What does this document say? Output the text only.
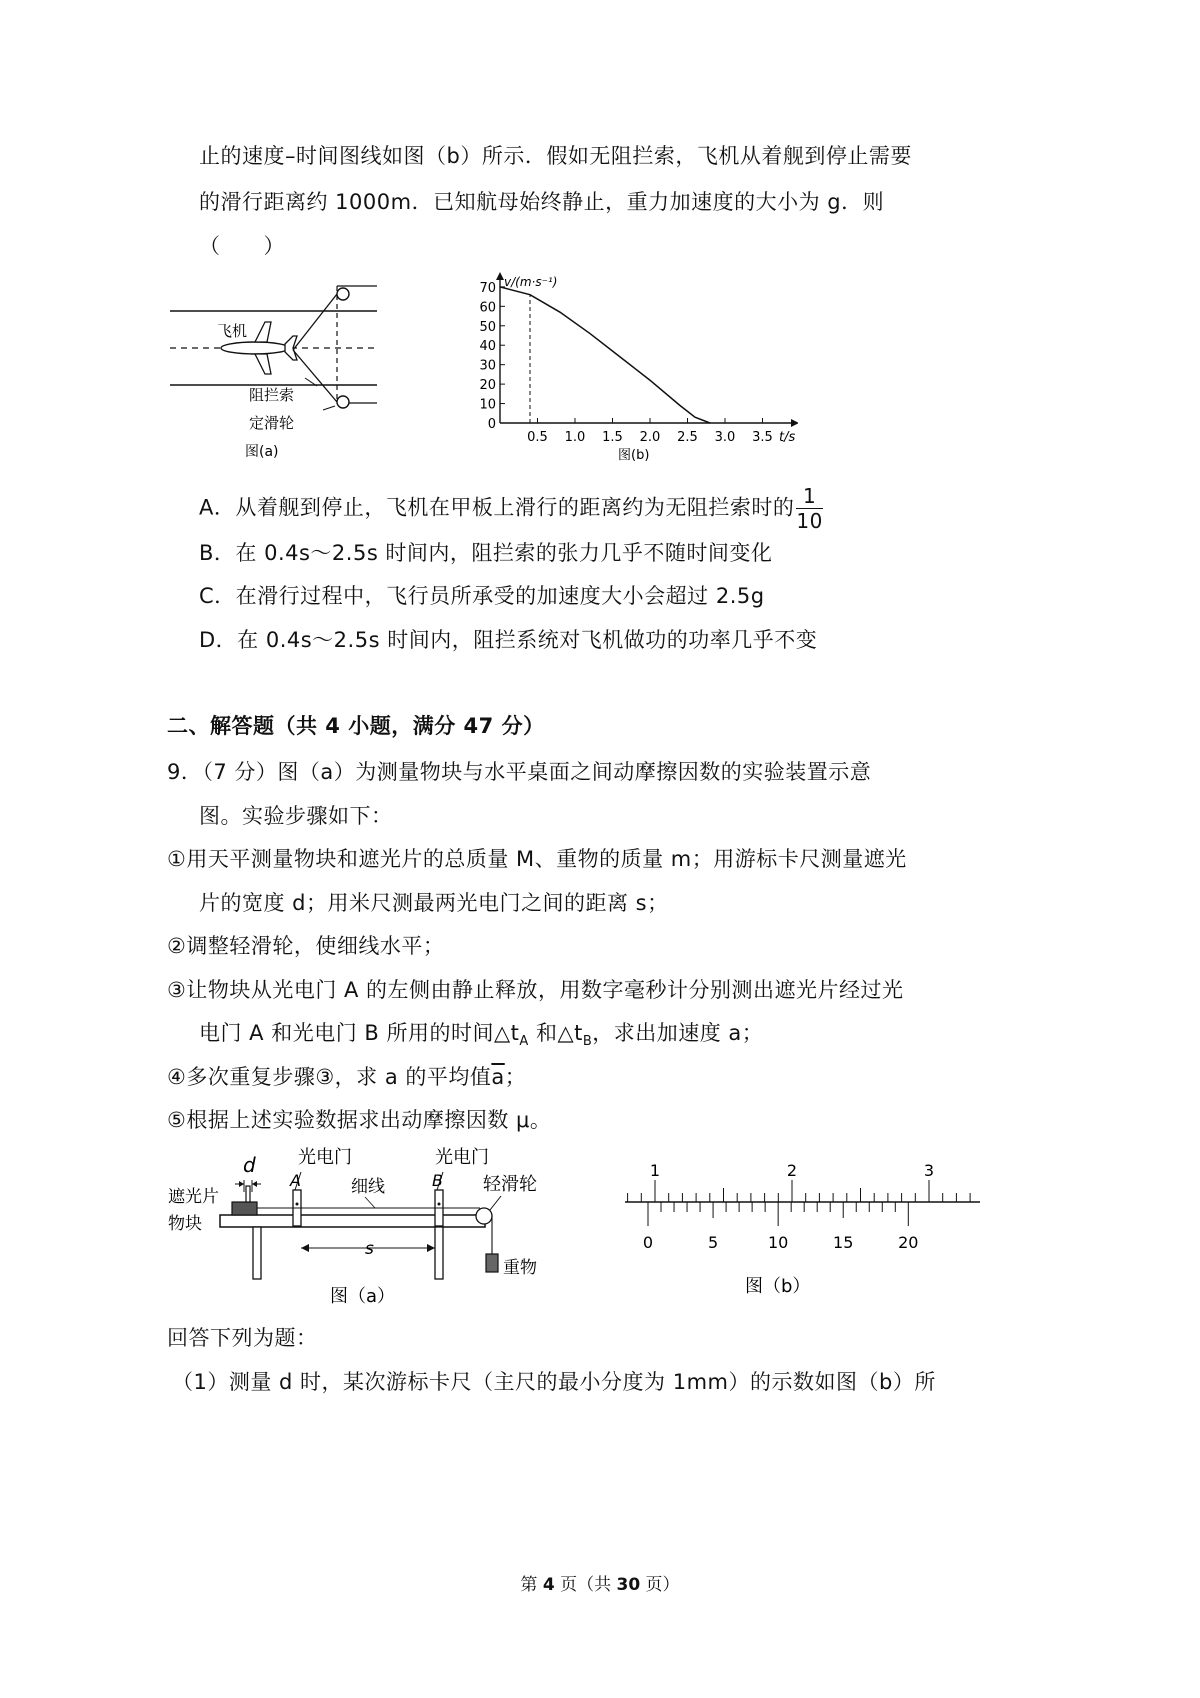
止的速度–时间图线如图（b）所示．假如无阻拦索，飞机从着舰到停止需要
的滑行距离约 1000m．已知航母始终静止，重力加速度的大小为 g．则
（　　）
飞机
阻拦索
定滑轮
图(a)
0
10
20
30
40
50
60
70
0.5 1.0 1.5 2.0 2.5 3.0 3.5
v/(m·s⁻¹)
t/s
图(b)
A．从着舰到停止，飞机在甲板上滑行的距离约为无阻拦索时的 $\frac{1}{10}$
B．在 0.4s～2.5s 时间内，阻拦索的张力几乎不随时间变化
C．在滑行过程中，飞行员所承受的加速度大小会超过 2.5g
D．在 0.4s～2.5s 时间内，阻拦系统对飞机做功的功率几乎不变
二、解答题（共 4 小题，满分 47 分）
9．（7 分）图（a）为测量物块与水平桌面之间动摩擦因数的实验装置示意
图。实验步骤如下：
①用天平测量物块和遮光片的总质量 M、重物的质量 m；用游标卡尺测量遮光
片的宽度 d；用米尺测最两光电门之间的距离 s；
②调整轻滑轮，使细线水平；
③让物块从光电门 A 的左侧由静止释放，用数字毫秒计分别测出遮光片经过光
电门 A 和光电门 B 所用的时间$\triangle t_A$ 和$\triangle t_B$，求出加速度 a；
④多次重复步骤③，求 a 的平均值$\overline{a}$；
⑤根据上述实验数据求出动摩擦因数 μ。
d 光电门	光电门
A	B
细线	轻滑轮
遮光片
物块
s
重物
图（a）
1	2	3
0	5	10	15	20
图（b）
回答下列为题：
（1）测量 d 时，某次游标卡尺（主尺的最小分度为 1mm）的示数如图（b）所
第 4 页（共 30 页）
